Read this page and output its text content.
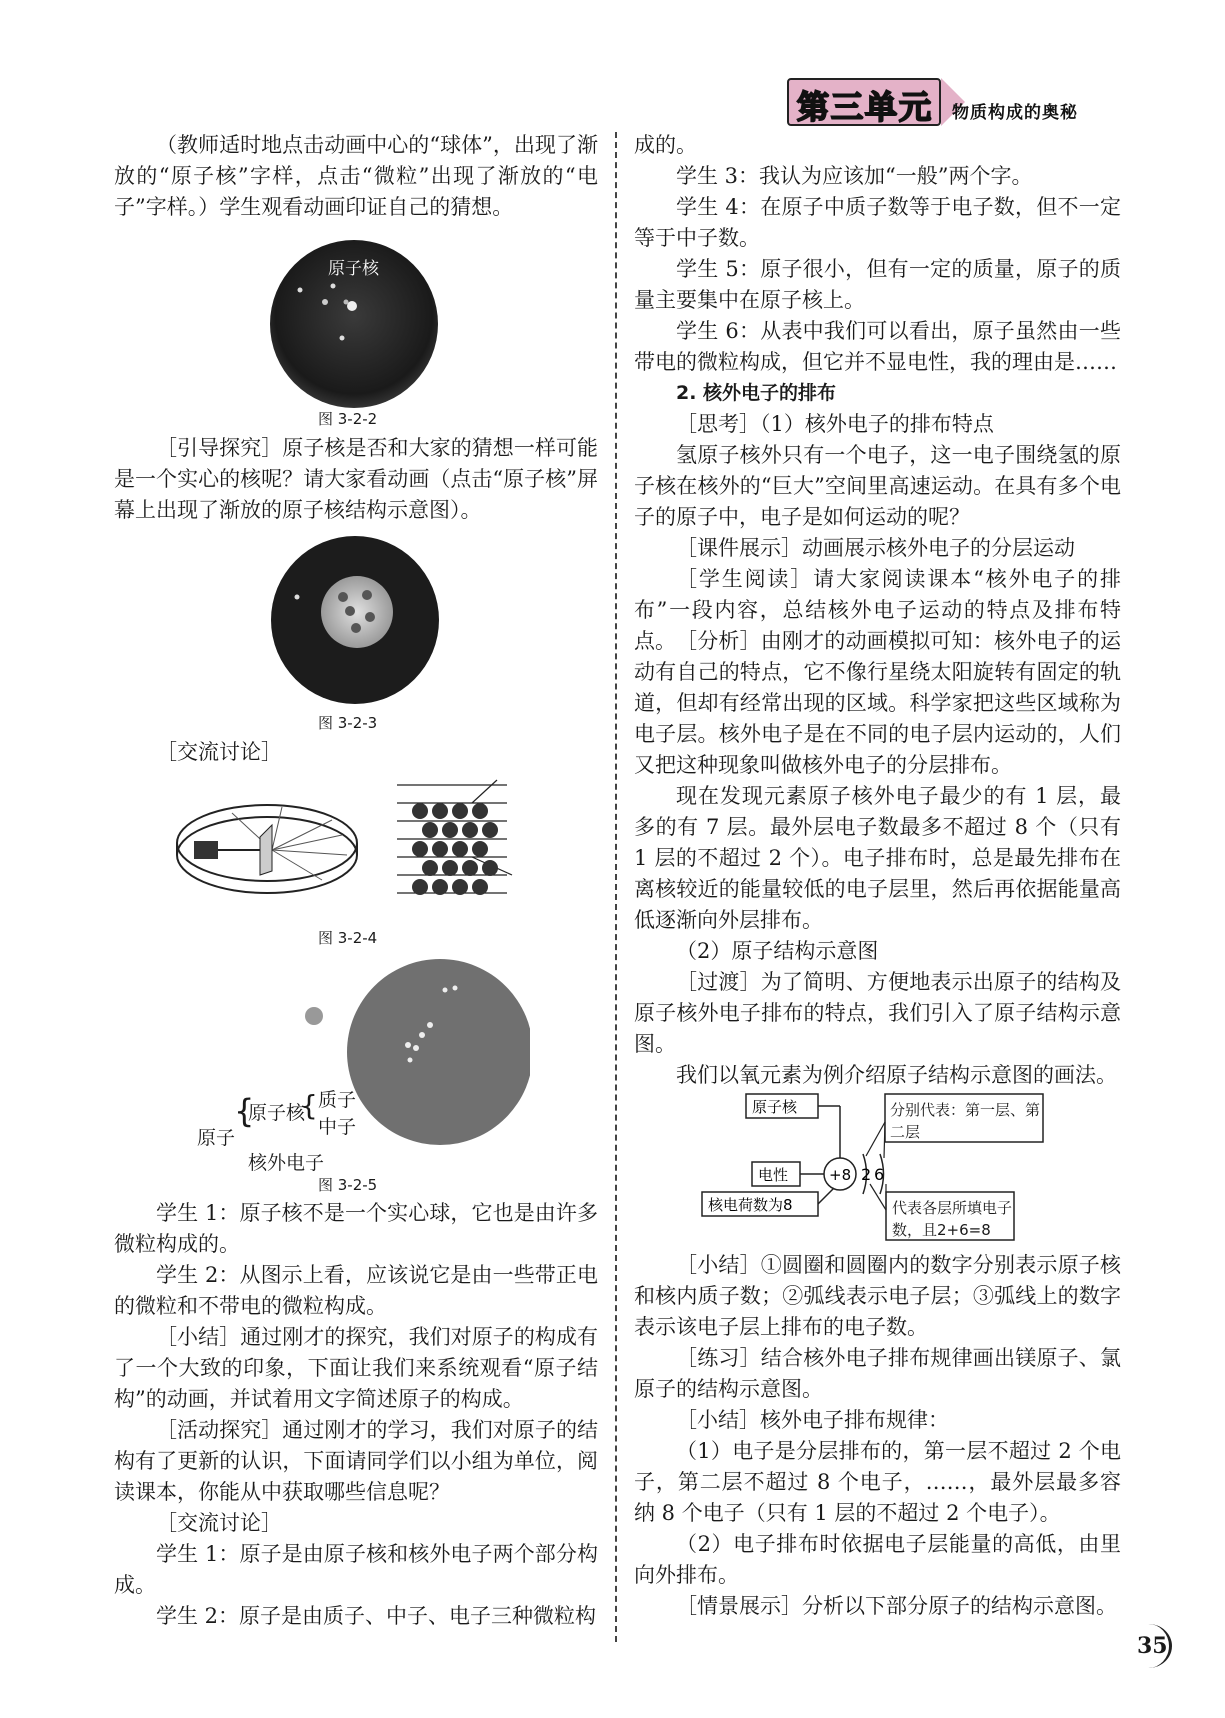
第三单元 物质构成的奥秘
（教师适时地点击动画中心的“球体”，出现了渐放的“原子核”字样，点击“微粒”出现了渐放的“电子”字样。）学生观看动画印证自己的猜想。
原子核
图 3-2-2
［引导探究］原子核是否和大家的猜想一样可能是一个实心的核呢？请大家看动画（点击“原子核”屏幕上出现了渐放的原子核结构示意图）。
图 3-2-3
［交流讨论］
图 3-2-4
原子
{
原子核
核外电子
{ 质子
中子
图 3-2-5
学生 1：原子核不是一个实心球，它也是由许多微粒构成的。
学生 2：从图示上看，应该说它是由一些带正电的微粒和不带电的微粒构成。
［小结］通过刚才的探究，我们对原子的构成有了一个大致的印象，下面让我们来系统观看“原子结构”的动画，并试着用文字简述原子的构成。
［活动探究］通过刚才的学习，我们对原子的结构有了更新的认识，下面请同学们以小组为单位，阅读课本，你能从中获取哪些信息呢？
［交流讨论］
学生 1：原子是由原子核和核外电子两个部分构成。
学生 2：原子是由质子、中子、电子三种微粒构
成的。
学生 3：我认为应该加“一般”两个字。
学生 4：在原子中质子数等于电子数，但不一定等于中子数。
学生 5：原子很小，但有一定的质量，原子的质量主要集中在原子核上。
学生 6：从表中我们可以看出，原子虽然由一些带电的微粒构成，但它并不显电性，我的理由是……
2. 核外电子的排布
［思考］（1）核外电子的排布特点
氢原子核外只有一个电子，这一电子围绕氢的原子核在核外的“巨大”空间里高速运动。在具有多个电子的原子中，电子是如何运动的呢？
［课件展示］动画展示核外电子的分层运动
［学生阅读］请大家阅读课本“核外电子的排布”一段内容，总结核外电子运动的特点及排布特点。 ［分析］由刚才的动画模拟可知：核外电子的运动有自己的特点，它不像行星绕太阳旋转有固定的轨道，但却有经常出现的区域。科学家把这些区域称为电子层。核外电子是在不同的电子层内运动的，人们又把这种现象叫做核外电子的分层排布。
现在发现元素原子核外电子最少的有 1 层，最多的有 7 层。最外层电子数最多不超过 8 个（只有 1 层的不超过 2 个）。电子排布时，总是最先排布在离核较近的能量较低的电子层里，然后再依据能量高低逐渐向外层排布。
（2）原子结构示意图
［过渡］为了简明、方便地表示出原子的结构及原子核外电子排布的特点，我们引入了原子结构示意图。
我们以氧元素为例介绍原子结构示意图的画法。
原子核
电性
核电荷数为8
+8 2 6
分别代表：第一层、第二层
代表各层所填电子数，且2+6=8
［小结］①圆圈和圆圈内的数字分别表示原子核和核内质子数；②弧线表示电子层；③弧线上的数字表示该电子层上排布的电子数。
［练习］结合核外电子排布规律画出镁原子、氯原子的结构示意图。
［小结］核外电子排布规律：
（1）电子是分层排布的，第一层不超过 2 个电子，第二层不超过 8 个电子，……，最外层最多容纳 8 个电子（只有 1 层的不超过 2 个电子）。
（2）电子排布时依据电子层能量的高低，由里向外排布。
［情景展示］分析以下部分原子的结构示意图。
35
